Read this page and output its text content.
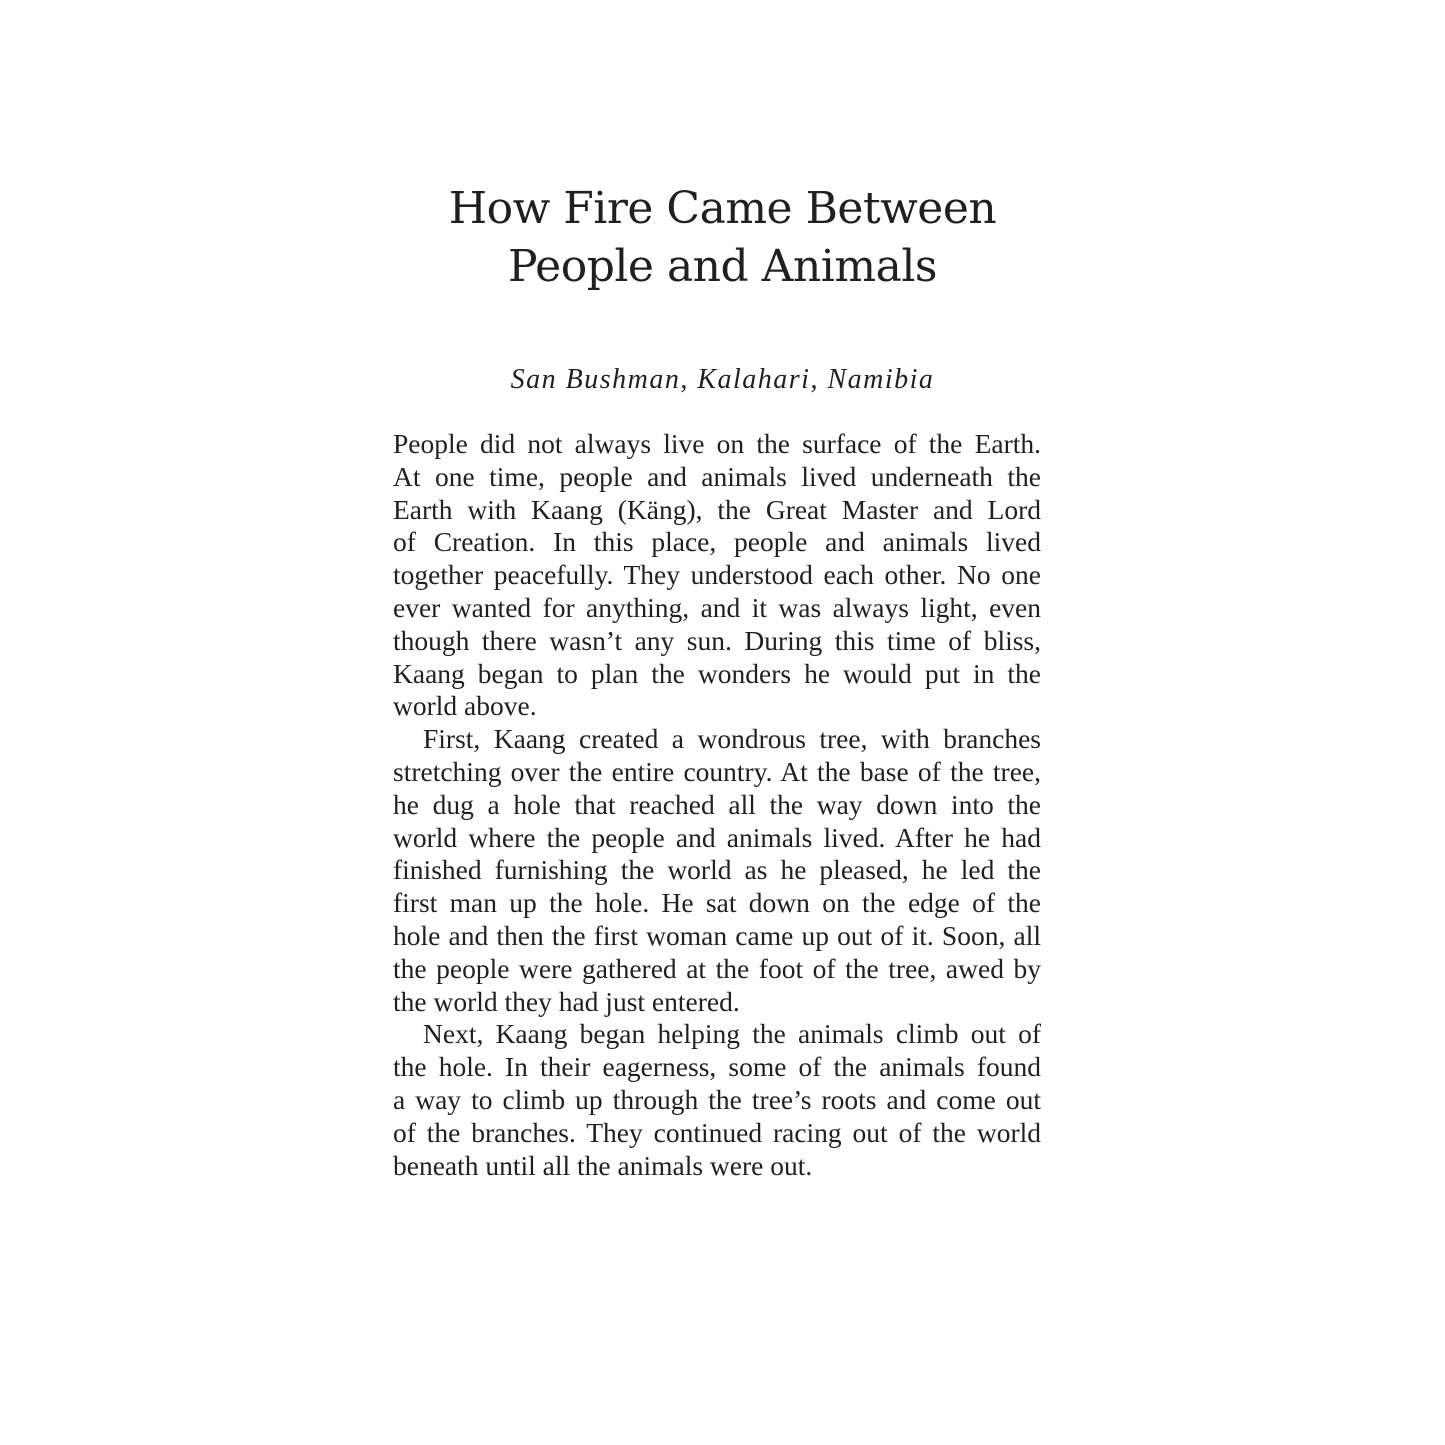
How Fire Came Between
People and Animals

San Bushman, Kalahari, Namibia

People did not always live on the surface of the Earth.
At one time, people and animals lived underneath the
Earth with Kaang (Käng), the Great Master and Lord
of Creation. In this place, people and animals lived
together peacefully. They understood each other. No one
ever wanted for anything, and it was always light, even
though there wasn’t any sun. During this time of bliss,
Kaang began to plan the wonders he would put in the
world above.

First, Kaang created a wondrous tree, with branches
stretching over the entire country. At the base of the tree,
he dug a hole that reached all the way down into the
world where the people and animals lived. After he had
finished furnishing the world as he pleased, he led the
first man up the hole. He sat down on the edge of the
hole and then the first woman came up out of it. Soon, all
the people were gathered at the foot of the tree, awed by
the world they had just entered.

Next, Kaang began helping the animals climb out of
the hole. In their eagerness, some of the animals found
a way to climb up through the tree’s roots and come out
of the branches. They continued racing out of the world
beneath until all the animals were out.
